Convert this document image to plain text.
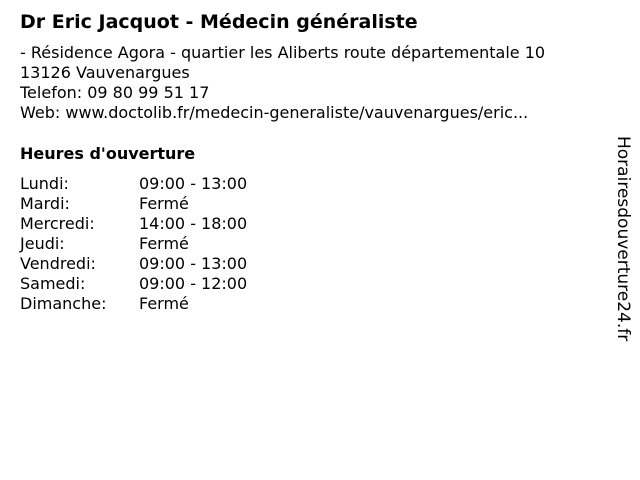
Dr Eric Jacquot - Médecin généraliste
- Résidence Agora - quartier les Aliberts route départementale 10
13126 Vauvenargues
Telefon: 09 80 99 51 17
Web: www.doctolib.fr/medecin-generaliste/vauvenargues/eric...
Heures d'ouverture
Lundi:	09:00 - 13:00
Mardi:	Fermé
Mercredi:	14:00 - 18:00
Jeudi:	Fermé
Vendredi:	09:00 - 13:00
Samedi:	09:00 - 12:00
Dimanche: Fermé	Horairesdouverture24.fr
